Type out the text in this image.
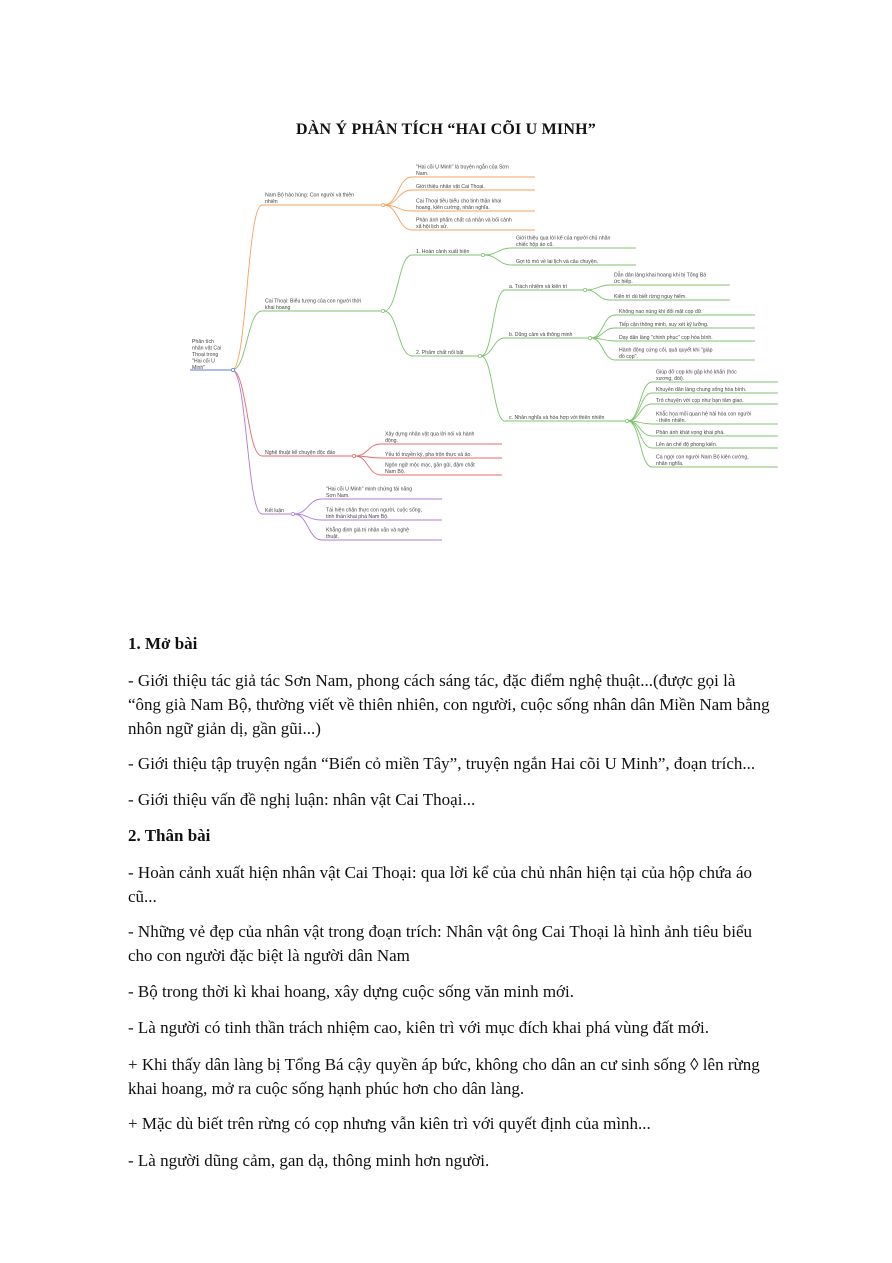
DÀN Ý PHÂN TÍCH “HAI CÕI U MINH”
Phân tích nhân vật Cai Thoại trong "Hai cõi U Minh"
Nam Bộ hào hùng: Con người và thiên nhiên
"Hai cõi U Minh" là truyện ngắn của Sơn Nam.
Giới thiệu nhân vật Cai Thoại.
Cai Thoại tiêu biểu cho tinh thần khai hoang, kiên cường, nhân nghĩa.
Phản ánh phẩm chất cá nhân và bối cảnh xã hội lịch sử.
Cai Thoại: Biểu tượng của con người thời khai hoang
1. Hoàn cảnh xuất hiện
Giới thiệu qua lời kể của người chủ nhân chiếc hộp áo cũ.
Gợi tò mò về lai lịch và câu chuyện.
2. Phẩm chất nổi bật
a. Trách nhiệm và kiên trì
Dẫn dân làng khai hoang khi bị Tổng Bá ức hiếp.
Kiên trì dù biết rừng nguy hiểm.
b. Dũng cảm và thông minh
Không nao núng khi đối mặt cọp dữ.
Tiếp cận thông minh, suy xét kỹ lưỡng.
Dạy dân làng "chinh phục" cọp hòa bình.
Hành động cứng cỏi, quả quyết khi "giáp đồ cọp".
c. Nhân nghĩa và hòa hợp với thiên nhiên
Giúp đỡ cọp khi gặp khó khăn (hóc xương, đói).
Khuyên dân làng chung sống hòa bình.
Trò chuyện với cọp như bạn tâm giao.
Khắc họa mối quan hệ hài hòa con người - thiên nhiên.
Phản ánh khát vọng khai phá.
Lên án chế độ phong kiến.
Ca ngợi con người Nam Bộ kiên cường, nhân nghĩa.
Nghệ thuật kể chuyện độc đáo
Xây dựng nhân vật qua lời nói và hành động.
Yếu tố truyền kỳ, pha trộn thực và ảo.
Ngôn ngữ mộc mạc, gần gũi, đậm chất Nam Bộ.
Kết luận
"Hai cõi U Minh" minh chứng tài năng Sơn Nam.
Tái hiện chân thực con người, cuộc sống, tinh thần khai phá Nam Bộ.
Khẳng định giá trị nhân văn và nghệ thuật.
1. Mở bài
- Giới thiệu tác giả tác Sơn Nam, phong cách sáng tác, đặc điểm nghệ thuật...(được gọi là
“ông già Nam Bộ, thường viết về thiên nhiên, con người, cuộc sống nhân dân Miền Nam bằng
nhôn ngữ giản dị, gần gũi...)
- Giới thiệu tập truyện ngắn “Biển cỏ miền Tây”, truyện ngắn Hai cõi U Minh”, đoạn trích...
- Giới thiệu vấn đề nghị luận: nhân vật Cai Thoại...
2. Thân bài
- Hoàn cảnh xuất hiện nhân vật Cai Thoại: qua lời kể của chủ nhân hiện tại của hộp chứa áo
cũ...
- Những vẻ đẹp của nhân vật trong đoạn trích: Nhân vật ông Cai Thoại là hình ảnh tiêu biểu
cho con người đặc biệt là người dân Nam
- Bộ trong thời kì khai hoang, xây dựng cuộc sống văn minh mới.
- Là người có tinh thần trách nhiệm cao, kiên trì với mục đích khai phá vùng đất mới.
+ Khi thấy dân làng bị Tổng Bá cậy quyền áp bức, không cho dân an cư sinh sống ◊ lên rừng
khai hoang, mở ra cuộc sống hạnh phúc hơn cho dân làng.
+ Mặc dù biết trên rừng có cọp nhưng vẫn kiên trì với quyết định của mình...
- Là người dũng cảm, gan dạ, thông minh hơn người.
